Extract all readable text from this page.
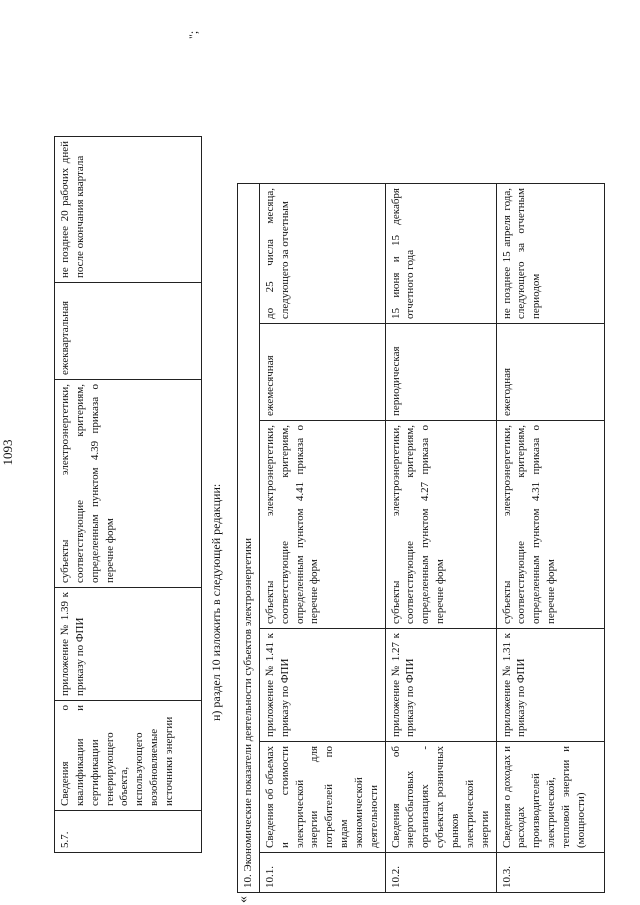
1093
5.7.	Сведения о квалификации и сертификации генерирующего объекта, использующего возобновляемые источники энергии	приложение № 1.39 к приказу по ФПИ	субъекты электроэнергетики, соответствующие критериям, определенным пунктом 4.39 приказа о перечне форм	ежеквартальная	не позднее 20 рабочих дней после окончания квартала
";
н) раздел 10 изложить в следующей редакции:
«
10. Экономические показатели деятельности субъектов электроэнергетики					
10.1.	Сведения об объемах и стоимости электрической энергии для потребителей по видам экономической деятельности	приложение № 1.41 к приказу по ФПИ	субъекты электроэнергетики, соответствующие критериям, определенным пунктом 4.41 приказа о перечне форм	ежемесячная	до 25 числа месяца, следующего за отчетным
10.2.	Сведения об энергосбытовых организациях - субъектах розничных рынков электрической энергии	приложение № 1.27 к приказу по ФПИ	субъекты электроэнергетики, соответствующие критериям, определенным пунктом 4.27 приказа о перечне форм	периодическая	15 июня и 15 декабря отчетного года
10.3.	Сведения о доходах и расходах производителей электрической, тепловой энергии и (мощности)	приложение № 1.31 к приказу по ФПИ	субъекты электроэнергетики, соответствующие критериям, определенным пунктом 4.31 приказа о перечне форм	ежегодная	не позднее 15 апреля года, следующего за отчетным периодом
